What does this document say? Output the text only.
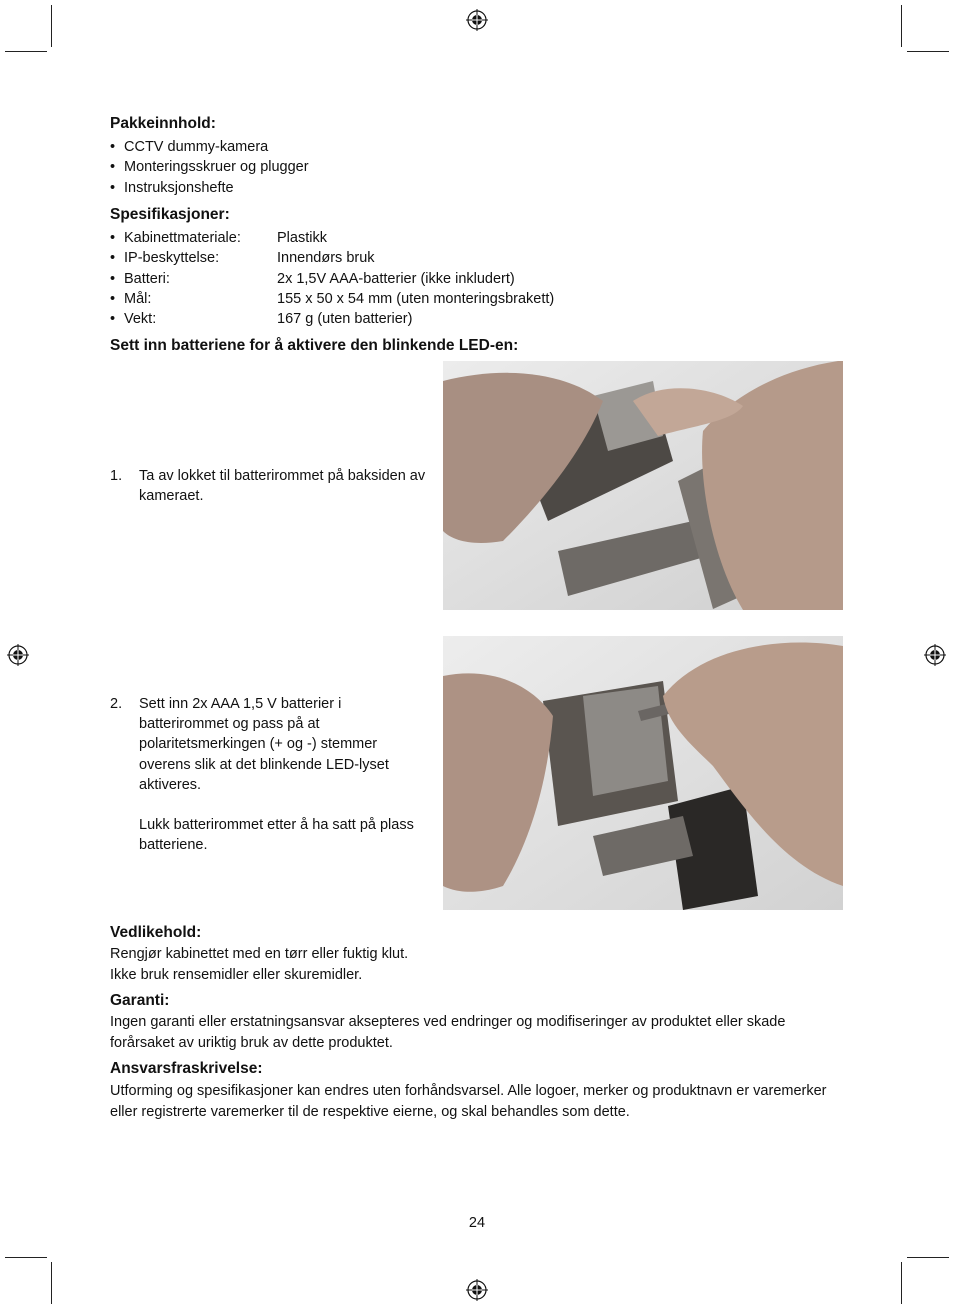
Pakkeinnhold:
• CCTV dummy-kamera
• Monteringsskruer og plugger
• Instruksjonshefte
Spesifikasjoner:
• Kabinettmateriale: Plastikk
• IP-beskyttelse:	Innendørs bruk
• Batteri:	2x 1,5V AAA-batterier (ikke inkludert)
• Mål:	155 x 50 x 54 mm (uten monteringsbrakett)
• Vekt:	167 g (uten batterier)
Sett inn batteriene for å aktivere den blinkende LED-en:
1. Ta av lokket til batterirommet på baksiden av kameraet.

2. Sett inn 2x AAA 1,5 V batterier i batterirommet og pass på at polaritetsmerkingen (+ og -) stemmer overens slik at det blinkende LED-lyset aktiveres.

Lukk batterirommet etter å ha satt på plass batteriene.

Vedlikehold:

Rengjør kabinettet med en tørr eller fuktig klut.

Ikke bruk rensemidler eller skuremidler.

Garanti:

Ingen garanti eller erstatningsansvar aksepteres ved endringer og modifiseringer av produktet eller skade forårsaket av uriktig bruk av dette produktet.

Ansvarsfraskrivelse:

Utforming og spesifikasjoner kan endres uten forhåndsvarsel. Alle logoer, merker og produktnavn er varemerker eller registrerte varemerker til de respektive eierne, og skal behandles som dette.

24
